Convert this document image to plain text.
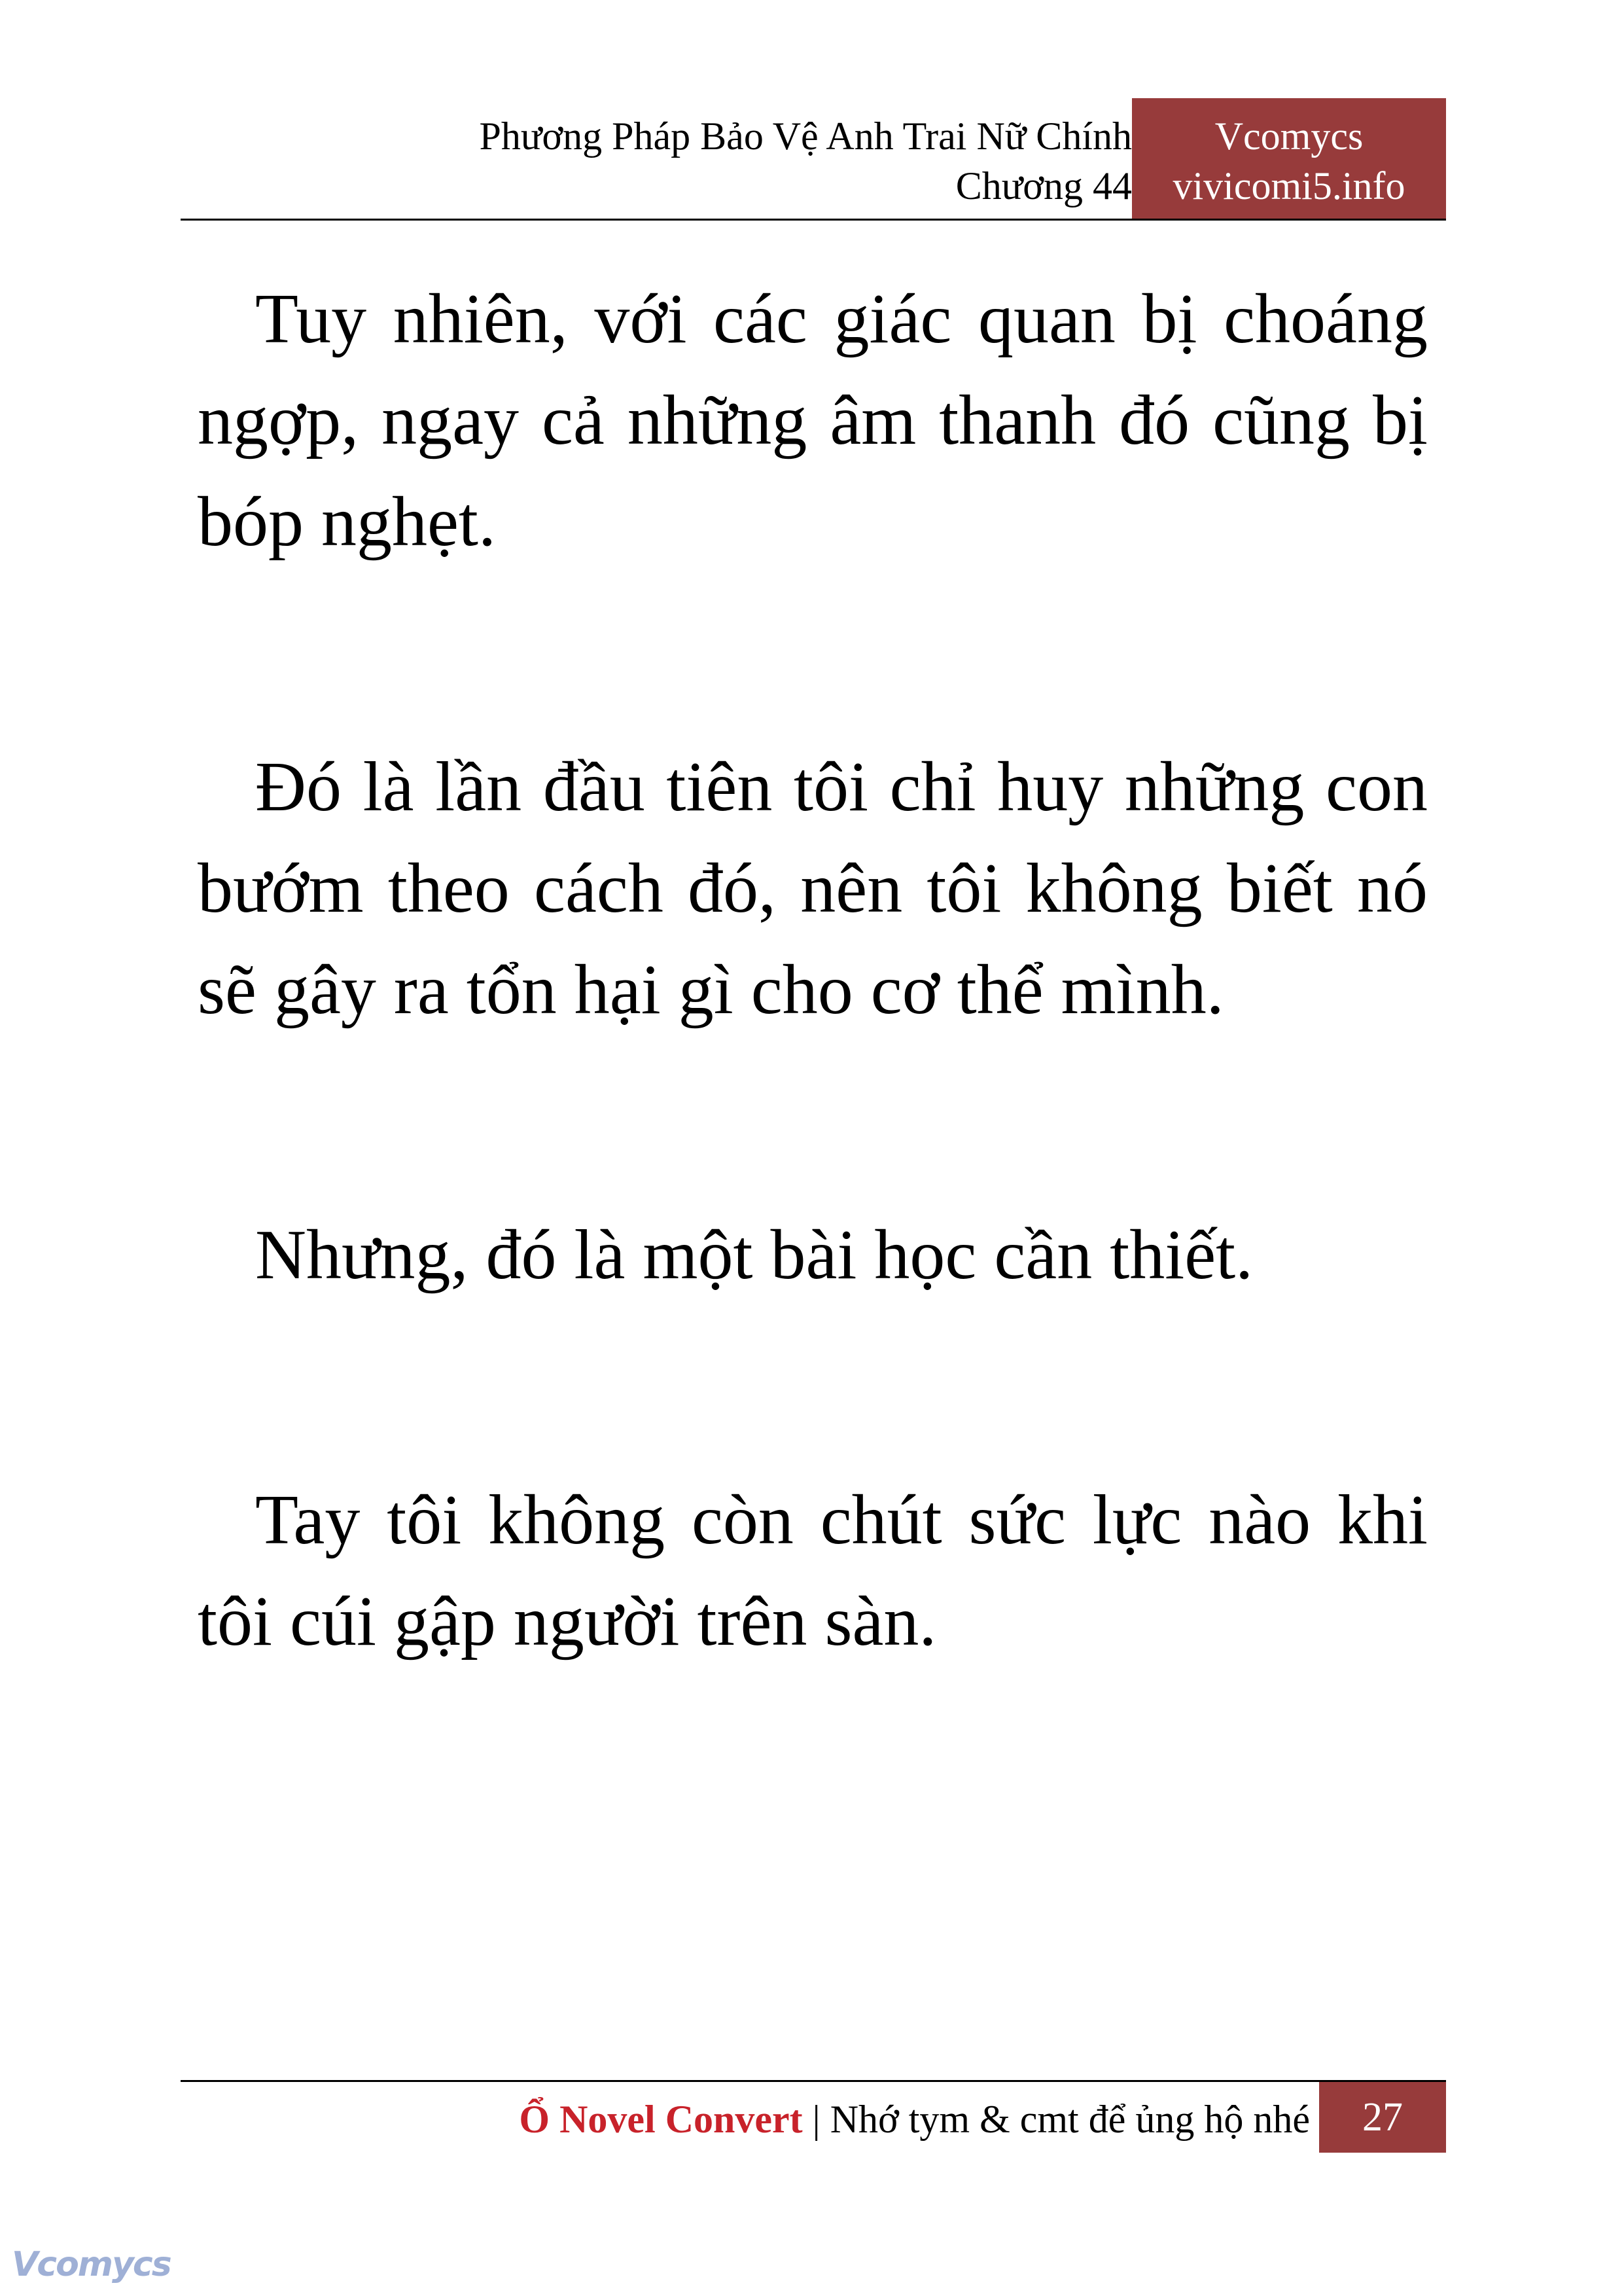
Phương Pháp Bảo Vệ Anh Trai Nữ Chính
Chương 44
Vcomycs
vivicomi5.info

Tuy nhiên, với các giác quan bị choáng ngợp, ngay cả những âm thanh đó cũng bị bóp nghẹt.

Đó là lần đầu tiên tôi chỉ huy những con bướm theo cách đó, nên tôi không biết nó sẽ gây ra tổn hại gì cho cơ thể mình.

Nhưng, đó là một bài học cần thiết.

Tay tôi không còn chút sức lực nào khi tôi cúi gập người trên sàn.

Ổ Novel Convert | Nhớ tym & cmt để ủng hộ nhé	27
Vcomycs
